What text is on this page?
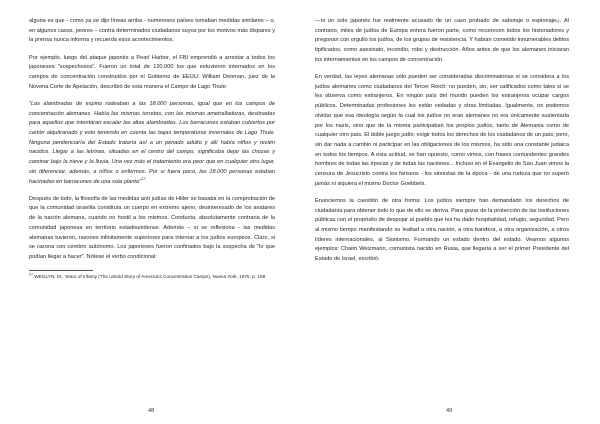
alguna es que - como ya se dijo líneas arriba - numerosos países tomaban medidas similares – o, en algunos casos, peores – contra determinados ciudadanos suyos por los motivos más dispares y la prensa nunca informa y recuerda esos acontecimientos.

Por ejemplo, luego del ataque japonés a Pearl Harbor, el FBI emprendió a arrestar a todos los japoneses "sospechosos". Fueron un total de 120.000 los que estuvieron internados en los campos de concentración construidos por el Gobierno de EEUU. William Denman, juez de la Novena Corte de Apelación, describió de esta manera el Campo de Lago Thule:

"Las alambradas de espino rodeaban a las 18.000 personas, igual que en los campos de concentración alemanes. Había las mismas torretas, con las mismas ametralladoras, destinadas para aquellos que intentaran escalar las altas alambradas. Los barracones estaban cubiertos por cartón alquitranado y esto teniendo en cuenta las bajas temperaturas invernales de Lago Thule. Ninguna penitenciaría del Estado trataría así a un penado adulto y allí había niños y recién nacidos. Llegar a las letrinas, situadas en el centro del campo, significaba dejar las chozas y caminar bajo la nieve y la lluvia. Una vez más el tratamiento era peor que en cualquier otro lugar, sin diferenciar, además, a niños o enfermos. Por si fuera poco, las 18.000 personas estaban hacinadas en barracones de una sola planta"$^{27}$

Después de todo, la filosofía de las medidas anti judías de Hitler se basaba en la comprobación de que la comunidad israelita constituía un cuerpo en extremo ajeno, desinteresado de los avatares de la nación alemana, cuando no hostil a los mismos. Conducta, absolutamente contraria de la comunidad japonesa en territorio estadounidense. Además – si se reflexiona - las medidas alemanas tuvieron, razones infinitamente superiores para internar a los judíos europeos. Claro, si se razona con cerebro autónomo. Los japoneses fueron confinados bajo la sospecha de "lo que podían llegar a hacer". Nótese el verbo condicional:

$^{27}$ WEGLYN, M., Years of Infamy (The Untold Story of America's Concentration Camps), Nueva York, 1976, p. 158

48

—ni un solo japonés fue realmente acusado de un caso probado de sabotaje o espionaje¡¡. Al contrario, miles de judíos de Europa entera fueron parte, como reconocen todos los historiadores y pregonan con orgullo los judíos, de los grupos de resistencia. Y habían cometido innumerables delitos tipificados, como asesinato, incendio, robo y destrucción. Años antes de que los alemanes iniciaran los internamientos en los campos de concentración.

En verdad, las leyes alemanas sólo pueden ser consideradas discriminatorias si se considera a los judíos alemanes como ciudadanos del Tercer Reich: no pueden, sin, ser calificados como tales si se les observa como extranjeros. En ningún país del mundo pueden los extranjeros ocupar cargos públicos. Determinadas profesiones les están vedadas y otras limitadas. Igualmente, no podemos olvidar que esa ideología según la cual los judíos no eran alemanes no era únicamente sustentada por los nazis, sino que de la misma participaban los propios judíos, tanto de Alemania como de cualquier otro país. El doble juego judío: exigir todos los derechos de los ciudadanos de un país; pero, sin dar nada a cambio ni participar en las obligaciones de los mismos, ha sido una constante judaica en todos los tiempos. A esta actitud, se han opuesto, como vimos, con frases contundentes grandes hombres de todas las épocas y de todas las naciones... Incluso en el Evangelio de San Juan vimos la censura de Jesucristo contra los fariseos - los sionistas de la época - de una rudeza que no superó jamás ni siquiera el mismo Doctor Goebbels.

Enunciemos la cuestión de otra forma: Los judíos siempre han demandado los derechos de ciudadanía para obtener todo lo que de ello se deriva. Para gozar de la protección de las instituciones públicas con el propósito de despojar al pueblo que les ha dado hospitalidad, refugio, seguridad. Pero al mismo tiempo manifestando su lealtad a otra nación, a otra bandera, a otra organización, a otros líderes internacionales, al Sionismo. Formando un estado dentro del estado. Veamos algunos ejemplos: Chaim Weizmann, comunista nacido en Rusia, que llegaría a ser el primer Presidente del Estado de Israel, escribió:

49
